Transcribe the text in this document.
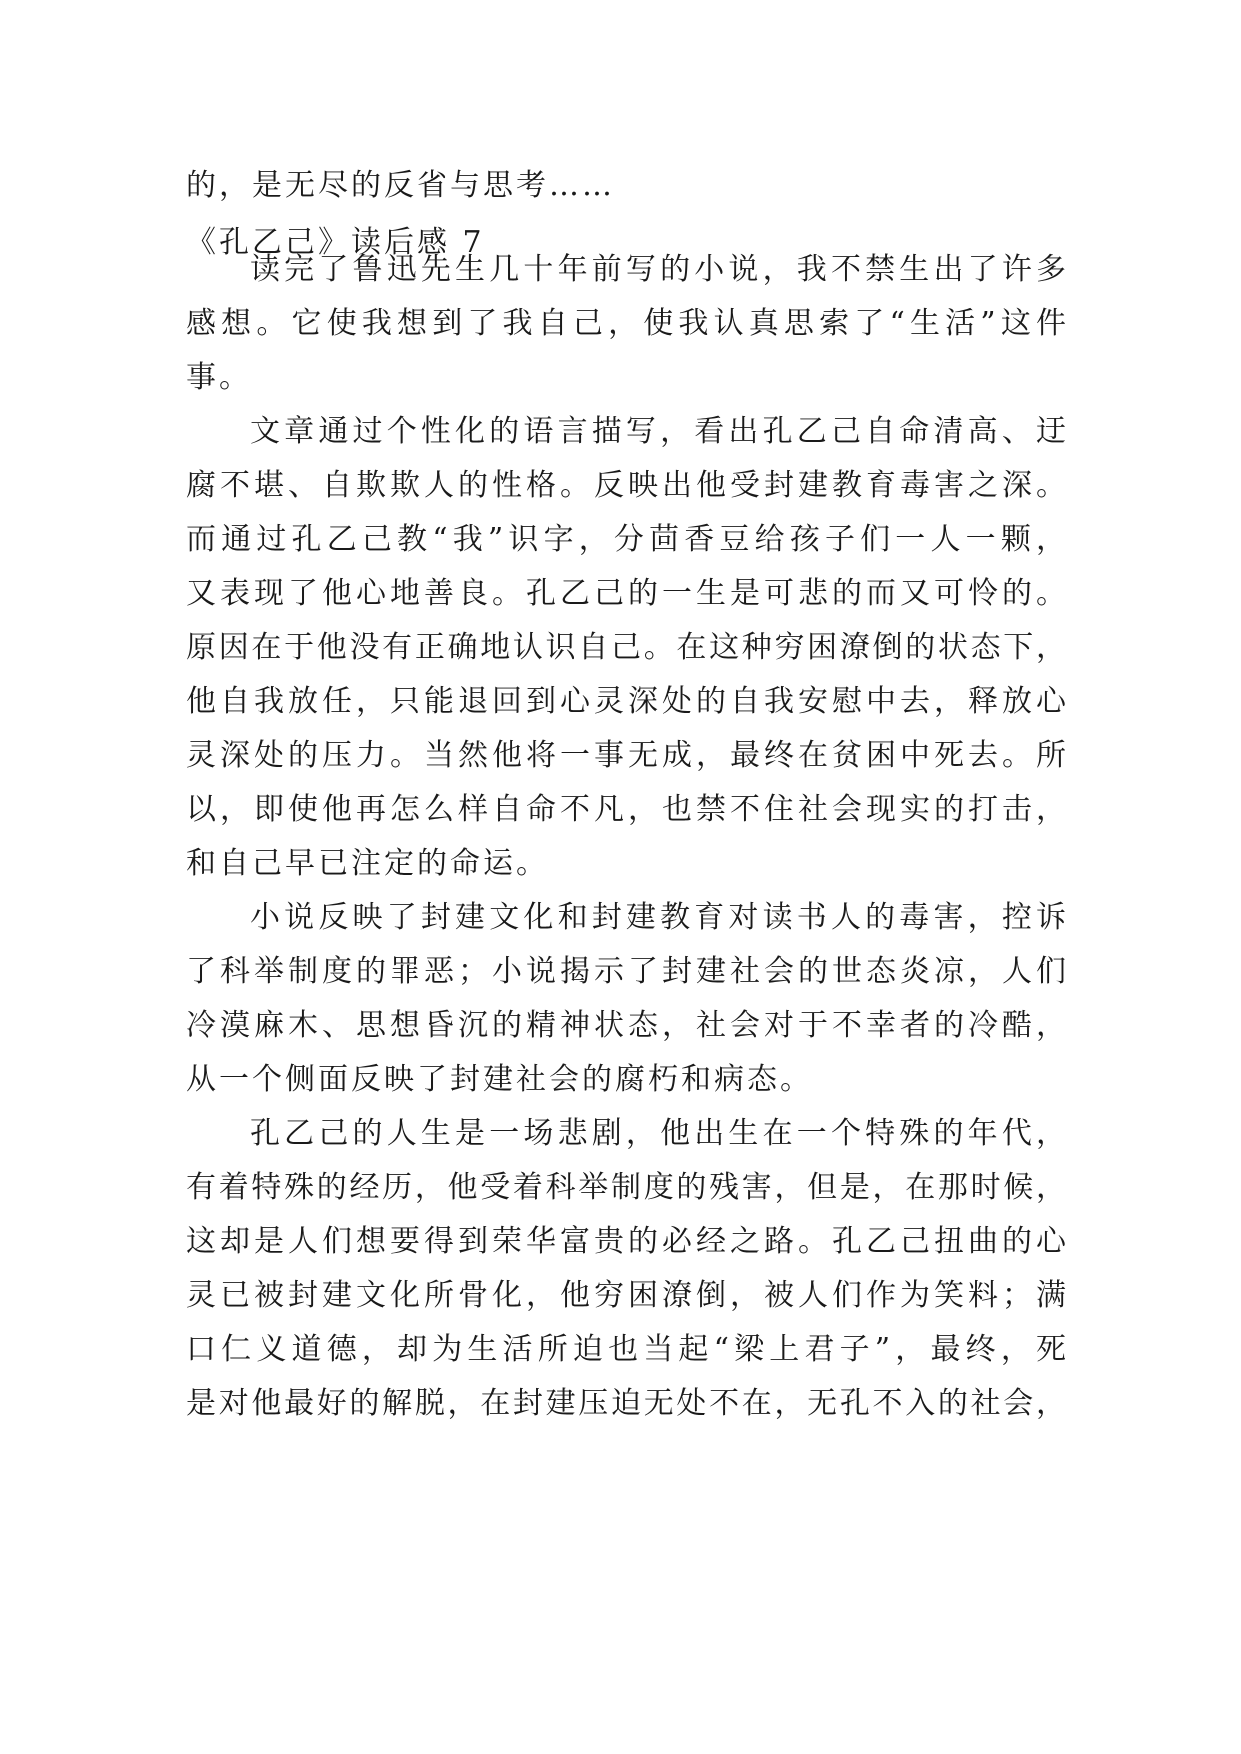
的，是无尽的反省与思考……
《孔乙己》读后感 7
读完了鲁迅先生几十年前写的小说，我不禁生出了许多
感想。它使我想到了我自己，使我认真思索了“生活”这件
事。
文章通过个性化的语言描写，看出孔乙己自命清高、迂
腐不堪、自欺欺人的性格。反映出他受封建教育毒害之深。
而通过孔乙己教“我”识字，分茴香豆给孩子们一人一颗，
又表现了他心地善良。孔乙己的一生是可悲的而又可怜的。
原因在于他没有正确地认识自己。在这种穷困潦倒的状态下，
他自我放任，只能退回到心灵深处的自我安慰中去，释放心
灵深处的压力。当然他将一事无成，最终在贫困中死去。所
以，即使他再怎么样自命不凡，也禁不住社会现实的打击，
和自己早已注定的命运。
小说反映了封建文化和封建教育对读书人的毒害，控诉
了科举制度的罪恶；小说揭示了封建社会的世态炎凉，人们
冷漠麻木、思想昏沉的精神状态，社会对于不幸者的冷酷，
从一个侧面反映了封建社会的腐朽和病态。
孔乙己的人生是一场悲剧，他出生在一个特殊的年代，
有着特殊的经历，他受着科举制度的残害，但是，在那时候，
这却是人们想要得到荣华富贵的必经之路。孔乙己扭曲的心
灵已被封建文化所骨化，他穷困潦倒，被人们作为笑料；满
口仁义道德，却为生活所迫也当起“梁上君子”，最终，死
是对他最好的解脱，在封建压迫无处不在，无孔不入的社会，
